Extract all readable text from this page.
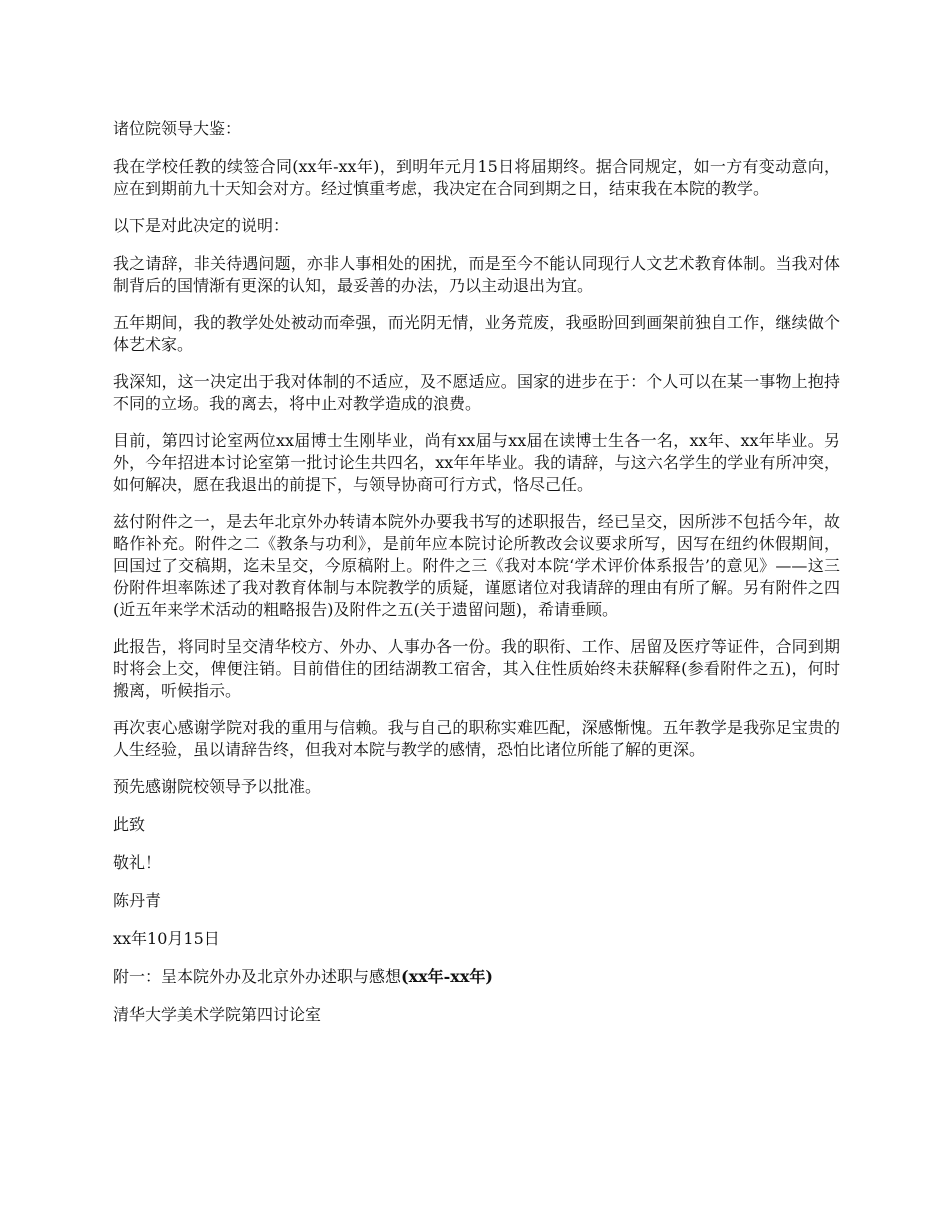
诸位院领导大鉴：

我在学校任教的续签合同(xx年-xx年)，到明年元月15日将届期终。据合同规定，如一方有变动意向，应在到期前九十天知会对方。经过慎重考虑，我决定在合同到期之日，结束我在本院的教学。

以下是对此决定的说明：

我之请辞，非关待遇问题，亦非人事相处的困扰，而是至今不能认同现行人文艺术教育体制。当我对体制背后的国情渐有更深的认知，最妥善的办法，乃以主动退出为宜。

五年期间，我的教学处处被动而牵强，而光阴无情，业务荒废，我亟盼回到画架前独自工作，继续做个体艺术家。

我深知，这一决定出于我对体制的不适应，及不愿适应。国家的进步在于：个人可以在某一事物上抱持不同的立场。我的离去，将中止对教学造成的浪费。

目前，第四讨论室两位xx届博士生刚毕业，尚有xx届与xx届在读博士生各一名，xx年、xx年毕业。另外，今年招进本讨论室第一批讨论生共四名，xx年年毕业。我的请辞，与这六名学生的学业有所冲突，如何解决，愿在我退出的前提下，与领导协商可行方式，恪尽己任。

兹付附件之一，是去年北京外办转请本院外办要我书写的述职报告，经已呈交，因所涉不包括今年，故略作补充。附件之二《教条与功利》，是前年应本院讨论所教改会议要求所写，因写在纽约休假期间，回国过了交稿期，迄未呈交，今原稿附上。附件之三《我对本院‘学术评价体系报告’的意见》——这三份附件坦率陈述了我对教育体制与本院教学的质疑，谨愿诸位对我请辞的理由有所了解。另有附件之四(近五年来学术活动的粗略报告)及附件之五(关于遗留问题)，希请垂顾。

此报告，将同时呈交清华校方、外办、人事办各一份。我的职衔、工作、居留及医疗等证件，合同到期时将会上交，俾便注销。目前借住的团结湖教工宿舍，其入住性质始终未获解释(参看附件之五)，何时搬离，听候指示。

再次衷心感谢学院对我的重用与信赖。我与自己的职称实难匹配，深感惭愧。五年教学是我弥足宝贵的人生经验，虽以请辞告终，但我对本院与教学的感情，恐怕比诸位所能了解的更深。

预先感谢院校领导予以批准。

此致

敬礼！

陈丹青

xx年10月15日

附一：呈本院外办及北京外办述职与感想(xx年-xx年)

清华大学美术学院第四讨论室
